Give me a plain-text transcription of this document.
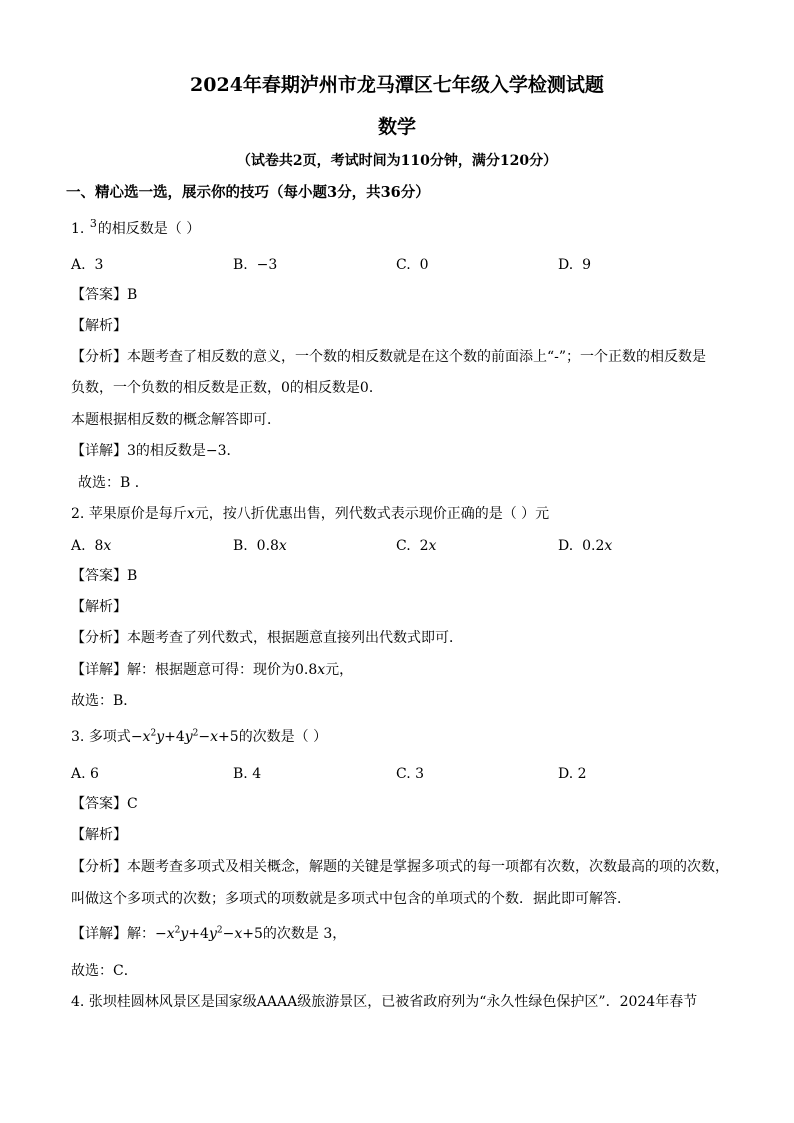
2024年春期泸州市龙马潭区七年级入学检测试题
数学
（试卷共2页，考试时间为110分钟，满分120分）
一、精心选一选，展示你的技巧（每小题3分，共36分）
1. $^3$的相反数是（ ）
A. 3	B. −3	C. 0	D. 9
【答案】B
【解析】
【分析】本题考查了相反数的意义，一个数的相反数就是在这个数的前面添上“-”；一个正数的相反数是
负数，一个负数的相反数是正数，0的相反数是0．
本题根据相反数的概念解答即可．
【详解】3的相反数是−3．
故选：B ．
2. 苹果原价是每斤x元，按八折优惠出售，列代数式表示现价正确的是（ ）元
A. 8x	B. 0.8x	C. 2x	D. 0.2x
【答案】B
【解析】
【分析】本题考查了列代数式，根据题意直接列出代数式即可．
【详解】解：根据题意可得：现价为0.8x元，
故选：B．
3. 多项式$-x^2y+4y^2-x+5$的次数是（ ）
A. 6	B. 4	C. 3	D. 2
【答案】C
【解析】
【分析】本题考查多项式及相关概念，解题的关键是掌握多项式的每一项都有次数，次数最高的项的次数，
叫做这个多项式的次数；多项式的项数就是多项式中包含的单项式的个数．据此即可解答．
【详解】解：$-x^2y+4y^2-x+5$的次数是 3，
故选：C．
4. 张坝桂圆林风景区是国家级AAAA级旅游景区，已被省政府列为“永久性绿色保护区”．2024年春节
